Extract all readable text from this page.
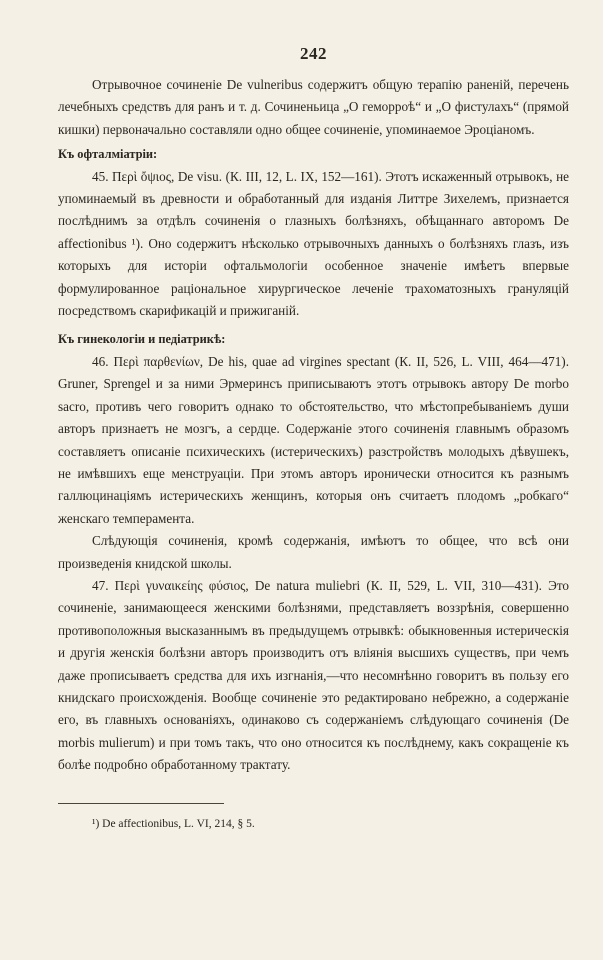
242

Отрывочное сочиненіе De vulneribus содержитъ общую терапію раненій, перечень лечебныхъ средствъ для ранъ и т. д. Сочиненьица „О геморроѣ“ и „О фистулахъ“ (прямой кишки) первоначально составляли одно общее сочиненіе, упоминаемое Эроціаномъ.

Къ офталміатріи:

45. Περὶ ὄψιος, De visu. (К. III, 12, L. IX, 152—161). Этотъ искаженный отрывокъ, не упоминаемый въ древности и обработанный для изданія Литтре Зихелемъ, признается послѣднимъ за отдѣлъ сочиненія о глазныхъ болѣзняхъ, обѣщаннаго авторомъ De affectionibus ¹). Оно содержитъ нѣсколько отрывочныхъ данныхъ о болѣзняхъ глазъ, изъ которыхъ для исторіи офтальмологіи особенное значеніе имѣетъ впервые формулированное раціональное хирургическое леченіе трахоматозныхъ грануляцій посредствомъ скарификацій и прижиганій.

Къ гинекологіи и педіатрикѣ:

46. Περὶ παρθενίων, De his, quae ad virgines spectant (К. II, 526, L. VIII, 464—471). Gruner, Sprengel и за ними Эрмеринсъ приписываютъ этотъ отрывокъ автору De morbo sacro, противъ чего говоритъ однако то обстоятельство, что мѣстопребываніемъ души авторъ признаетъ не мозгъ, а сердце. Содержаніе этого сочиненія главнымъ образомъ составляетъ описаніе психическихъ (истерическихъ) разстройствъ молодыхъ дѣвушекъ, не имѣвшихъ еще менструаціи. При этомъ авторъ иронически относится къ разнымъ галлюцинаціямъ истерическихъ женщинъ, которыя онъ считаетъ плодомъ „робкаго“ женскаго темперамента.

Слѣдующія сочиненія, кромѣ содержанія, имѣютъ то общее, что всѣ они произведенія книдской школы.

47. Περὶ γυναικείης φύσιος, De natura muliebri (К. II, 529, L. VII, 310—431). Это сочиненіе, занимающееся женскими болѣзнями, представляетъ воззрѣнія, совершенно противоположныя высказаннымъ въ предыдущемъ отрывкѣ: обыкновенныя истерическія и другія женскія болѣзни авторъ производитъ отъ вліянія высшихъ существъ, при чемъ даже прописываетъ средства для ихъ изгнанія,—что несомнѣнно говоритъ въ пользу его книдскаго происхожденія. Вообще сочиненіе это редактировано небрежно, а содержаніе его, въ главныхъ основаніяхъ, одинаково съ содержаніемъ слѣдующаго сочиненія (De morbis mulierum) и при томъ такъ, что оно относится къ послѣднему, какъ сокращеніе къ болѣе подробно обработанному трактату.

¹) De affectionibus, L. VI, 214, § 5.
